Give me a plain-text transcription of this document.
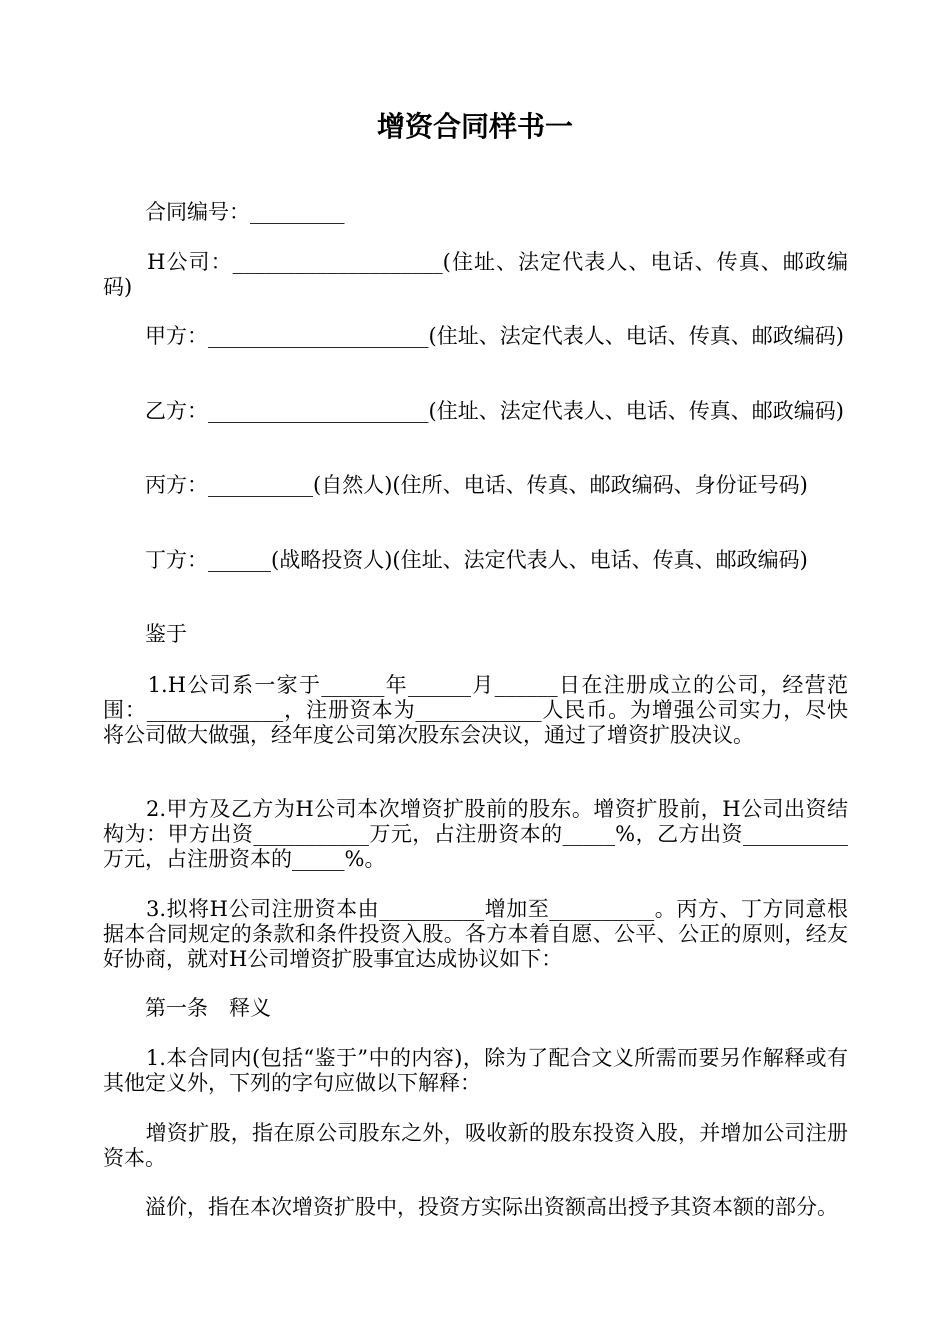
增资合同样书一

　　合同编号：_________

　　H公司：____________________(住址、法定代表人、电话、传真、邮政编码)

　　甲方：_____________________(住址、法定代表人、电话、传真、邮政编码)

　　乙方：_____________________(住址、法定代表人、电话、传真、邮政编码)

　　丙方：__________(自然人)(住所、电话、传真、邮政编码、身份证号码)

　　丁方：______(战略投资人)(住址、法定代表人、电话、传真、邮政编码)

　　鉴于

　　1.H公司系一家于______年______月______日在注册成立的公司，经营范围：_____________，注册资本为____________人民币。为增强公司实力，尽快将公司做大做强，经年度公司第次股东会决议，通过了增资扩股决议。

　　2.甲方及乙方为H公司本次增资扩股前的股东。增资扩股前，H公司出资结构为：甲方出资___________万元，占注册资本的_____%，乙方出资__________万元，占注册资本的_____%。

　　3.拟将H公司注册资本由__________增加至__________。丙方、丁方同意根据本合同规定的条款和条件投资入股。各方本着自愿、公平、公正的原则，经友好协商，就对H公司增资扩股事宜达成协议如下：

　　第一条　释义

　　1.本合同内(包括“鉴于”中的内容)，除为了配合文义所需而要另作解释或有其他定义外，下列的字句应做以下解释：

　　增资扩股，指在原公司股东之外，吸收新的股东投资入股，并增加公司注册资本。

　　溢价，指在本次增资扩股中，投资方实际出资额高出授予其资本额的部分。
